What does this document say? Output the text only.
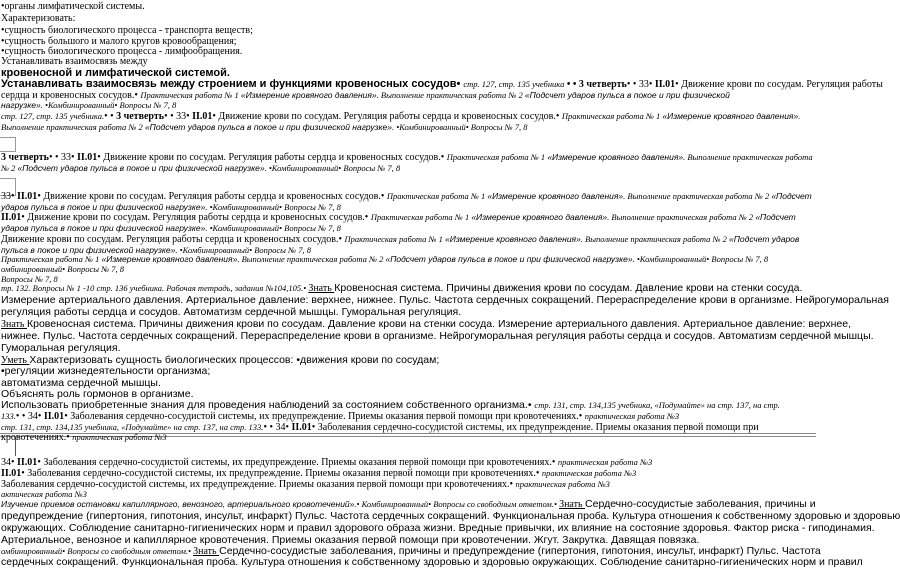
•органы лимфатической системы.
Характеризовать:
•сущность биологического процесса - транспорта веществ;
•сущность большого и малого кругов кровообращения;
•сущность биологического процесса - лимфообращения.
Устанавливать взаимосвязь между
кровеносной и лимфатической системой.
Устанавливать взаимосвязь между строением и функциями кровеносных сосудов• стр. 127, стр. 135 учебника • • 3 четверть• • 33• II.01• Движение крови по сосудам. Регуляция работы
сердца и кровеносных сосудов.• Практическая работа № 1 «Измерение кровяного давления». Выполнение практическая работа № 2 «Подсчет ударов пульса в покое и при физической
нагрузке». •Комбинированный• Вопросы № 7, 8
стр. 127, стр. 135 учебника.• • 3 четверть• • 33• II.01• Движение крови по сосудам. Регуляция работы сердца и кровеносных сосудов.• Практическая работа № 1 «Измерение кровяного давления».
Выполнение практическая работа № 2 «Подсчет ударов пульса в покое и при физической нагрузке». •Комбинированный• Вопросы № 7, 8
3 четверть• • 33• II.01• Движение крови по сосудам. Регуляция работы сердца и кровеносных сосудов.• Практическая работа № 1 «Измерение кровяного давления». Выполнение практическая работа
№ 2 «Подсчет ударов пульса в покое и при физической нагрузке». •Комбинированный• Вопросы № 7, 8
33• II.01• Движение крови по сосудам. Регуляция работы сердца и кровеносных сосудов.• Практическая работа № 1 «Измерение кровяного давления». Выполнение практическая работа № 2 «Подсчет
ударов пульса в покое и при физической нагрузке». •Комбинированный• Вопросы № 7, 8
II.01• Движение крови по сосудам. Регуляция работы сердца и кровеносных сосудов.• Практическая работа № 1 «Измерение кровяного давления». Выполнение практическая работа № 2 «Подсчет
ударов пульса в покое и при физической нагрузке». •Комбинированный• Вопросы № 7, 8
Движение крови по сосудам. Регуляция работы сердца и кровеносных сосудов.• Практическая работа № 1 «Измерение кровяного давления». Выполнение практическая работа № 2 «Подсчет ударов
пульса в покое и при физической нагрузке». •Комбинированный• Вопросы № 7, 8
Практическая работа № 1 «Измерение кровяного давления». Выполнение практическая работа № 2 «Подсчет ударов пульса в покое и при физической нагрузке». •Комбинированный• Вопросы № 7, 8
омбинированный• Вопросы № 7, 8
Вопросы № 7, 8
тр. 132. Вопросы № 1 -10 стр. 136 учебника. Рабочая тетрадь, задания №104,105.• Знать Кровеносная система. Причины движения крови по сосудам. Давление крови на стенки сосуда.
Измерение артериального давления. Артериальное давление: верхнее, нижнее. Пульс. Частота сердечных сокращений. Перераспределение крови в организме. Нейрогуморальная
регуляция работы сердца и сосудов. Автоматизм сердечной мышцы. Гуморальная регуляция.
Знать Кровеносная система. Причины движения крови по сосудам. Давление крови на стенки сосуда. Измерение артериального давления. Артериальное давление: верхнее,
нижнее. Пульс. Частота сердечных сокращений. Перераспределение крови в организме. Нейрогуморальная регуляция работы сердца и сосудов. Автоматизм сердечной мышцы.
Гуморальная регуляция.
Уметь Характеризовать сущность биологических процессов: •движения крови по сосудам;
•регуляции жизнедеятельности организма;
автоматизма сердечной мышцы.
Объяснять роль гормонов в организме.
Использовать приобретенные знания для проведения наблюдений за состоянием собственного организма.• стр. 131, стр. 134,135 учебника, «Подумайте» на стр. 137, на стр.
133.• • 34• II.01• Заболевания сердечно-сосудистой системы, их предупреждение. Приемы оказания первой помощи при кровотечениях.• практическая работа №3
стр. 131, стр. 134,135 учебника, «Подумайте» на стр. 137, на стр. 133.• • 34• II.01• Заболевания сердечно-сосудистой системы, их предупреждение. Приемы оказания первой помощи при
кровотечениях.• практическая работа №3
34• II.01• Заболевания сердечно-сосудистой системы, их предупреждение. Приемы оказания первой помощи при кровотечениях.• практическая работа №3
II.01• Заболевания сердечно-сосудистой системы, их предупреждение. Приемы оказания первой помощи при кровотечениях.• практическая работа №3
Заболевания сердечно-сосудистой системы, их предупреждение. Приемы оказания первой помощи при кровотечениях.• практическая работа №3
актическая работа №3
Изучение приемов остановки капиллярного, венозного, артериального кровотечений».• Комбинированный• Вопросы со свободным ответом.• Знать Сердечно-сосудистые заболевания, причины и
предупреждение (гипертония, гипотония, инсульт, инфаркт) Пульс. Частота сердечных сокращений. Функциональная проба. Культура отношения к собственному здоровью и здоровью
окружающих. Соблюдение санитарно-гигиенических норм и правил здорового образа жизни. Вредные привычки, их влияние на состояние здоровья. Фактор риска - гиподинамия.
Артериальное, венозное и капиллярное кровотечения. Приемы оказания первой помощи при кровотечении. Жгут. Закрутка. Давящая повязка.
омбинированный• Вопросы со свободным ответом.• Знать Сердечно-сосудистые заболевания, причины и предупреждение (гипертония, гипотония, инсульт, инфаркт) Пульс. Частота
сердечных сокращений. Функциональная проба. Культура отношения к собственному здоровью и здоровью окружающих. Соблюдение санитарно-гигиенических норм и правил
